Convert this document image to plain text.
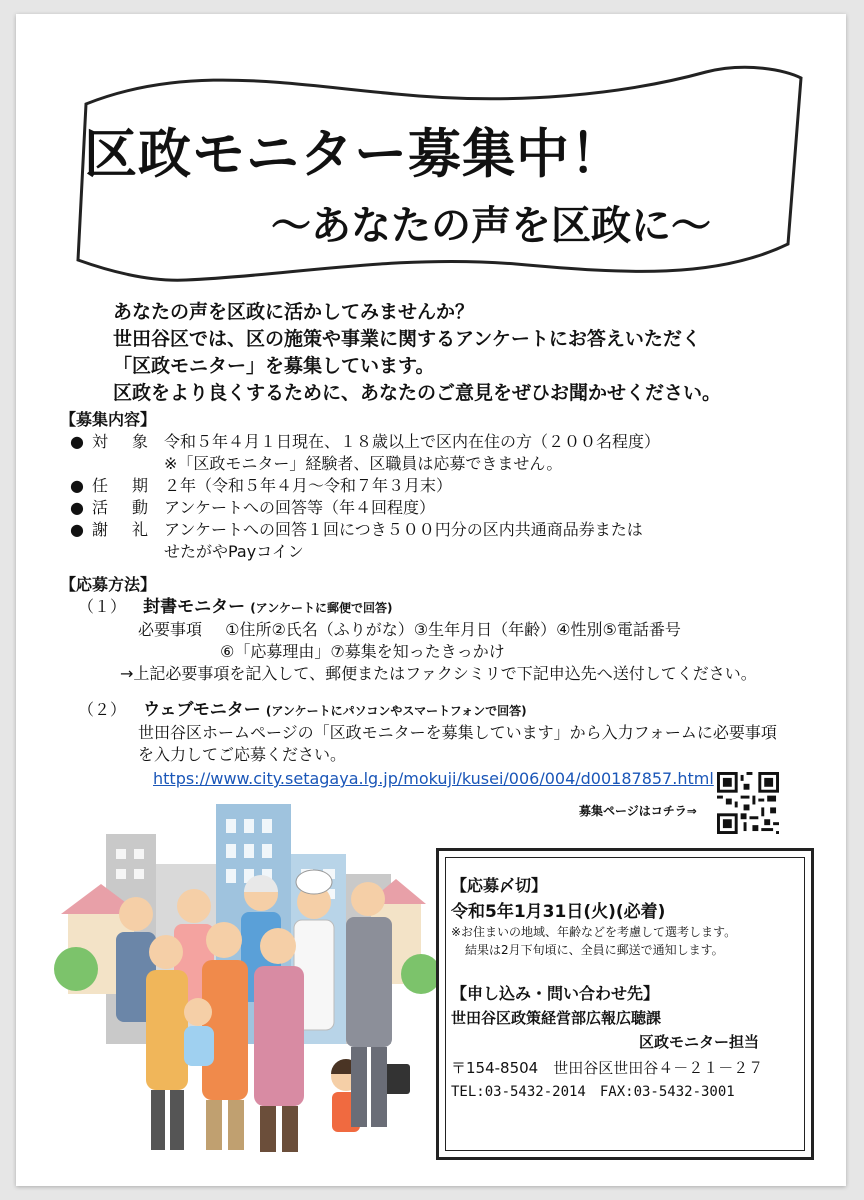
区政モニター募集中！
～あなたの声を区政に～
あなたの声を区政に活かしてみませんか？
世田谷区では、区の施策や事業に関するアンケートにお答えいただく
「区政モニター」を募集しています。
区政をより良くするために、あなたのご意見をぜひお聞かせください。
【募集内容】
● 対　象 令和５年４月１日現在、１８歳以上で区内在住の方（２００名程度）
※「区政モニター」経験者、区職員は応募できません。
● 任　期 ２年（令和５年４月～令和７年３月末）
● 活　動 アンケートへの回答等（年４回程度）
● 謝　礼 アンケートへの回答１回につき５００円分の区内共通商品券または
せたがやPayコイン
【応募方法】
（１） 封書モニター (アンケートに郵便で回答)
必要事項 ①住所②氏名（ふりがな）③生年月日（年齢）④性別⑤電話番号
⑥「応募理由」⑦募集を知ったきっかけ
→上記必要事項を記入して、郵便またはファクシミリで下記申込先へ送付してください。
（２） ウェブモニター (アンケートにパソコンやスマートフォンで回答)
世田谷区ホームページの「区政モニターを募集しています」から入力フォームに必要事項
を入力してご応募ください。
https://www.city.setagaya.lg.jp/mokuji/kusei/006/004/d00187857.html
募集ページはコチラ⇒
【応募〆切】
令和5年1月31日(火)(必着)
※お住まいの地域、年齢などを考慮して選考します。
結果は2月下旬頃に、全員に郵送で通知します。
【申し込み・問い合わせ先】
世田谷区政策経営部広報広聴課
区政モニター担当
〒154-8504　世田谷区世田谷４－２１－２７
TEL:03-5432-2014　FAX:03-5432-3001
